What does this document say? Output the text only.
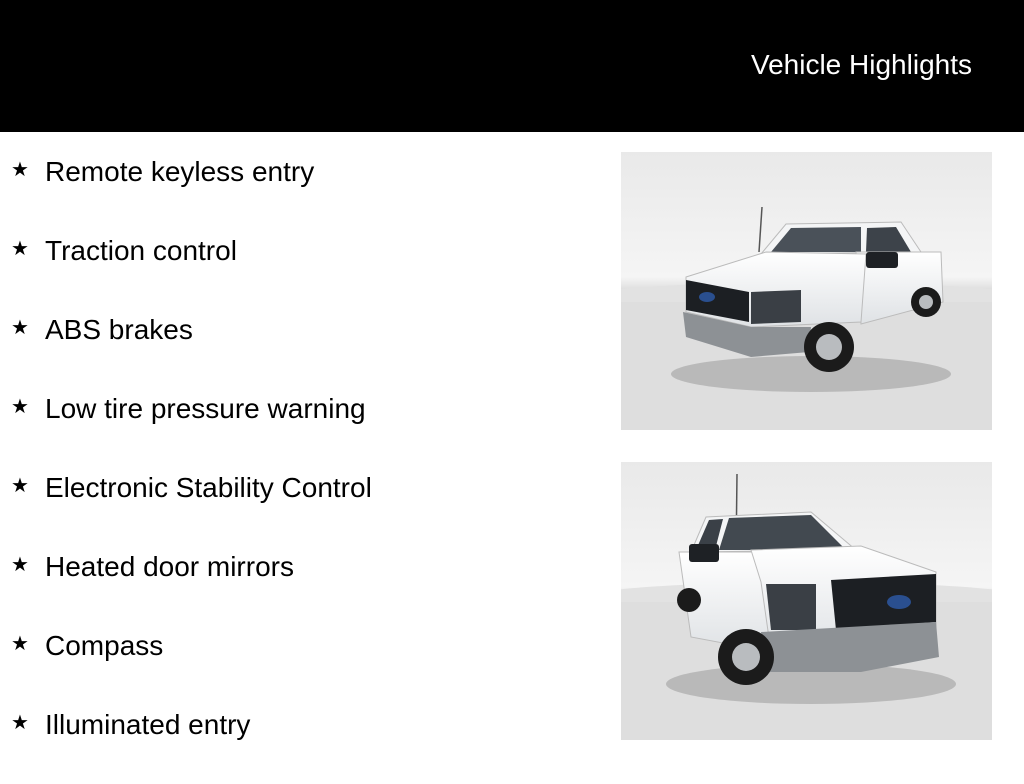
Vehicle Highlights
★ Remote keyless entry
★ Traction control
★ ABS brakes
★ Low tire pressure warning
★ Electronic Stability Control
★ Heated door mirrors
★ Compass
★ Illuminated entry
